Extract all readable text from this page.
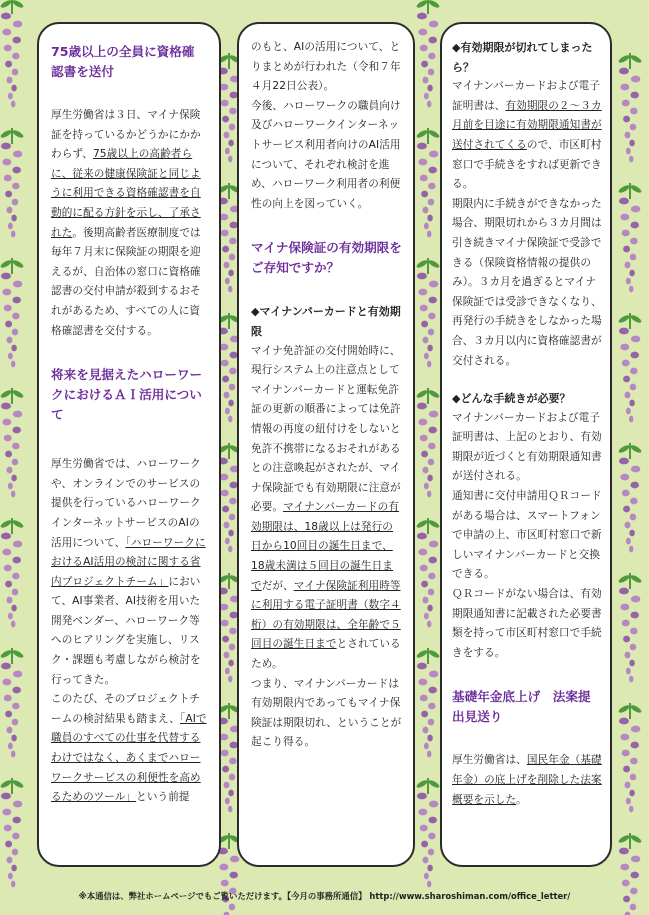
75歳以上の全員に資格確認書を送付

厚生労働省は３日、マイナ保険証を持っているかどうかにかかわらず、75歳以上の高齢者らに、従来の健康保険証と同じように利用できる資格確認書を自動的に配る方針を示し、了承された。後期高齢者医療制度では毎年７月末に保険証の期限を迎えるが、自治体の窓口に資格確認書の交付申請が殺到するおそれがあるため、すべての人に資格確認書を交付する。

将来を見据えたハローワークにおけるＡＩ活用について

厚生労働省では、ハローワークや、オンラインでのサービスの提供を行っているハローワークインターネットサービスのAIの活用について、「ハローワークにおけるAI活用の検討に関する省内プロジェクトチーム」において、AI事業者、AI技術を用いた開発ベンダー、ハローワーク等へのヒアリングを実施し、リスク・課題も考慮しながら検討を行ってきた。

このたび、そのプロジェクトチームの検討結果も踏まえ、「AIで職員のすべての仕事を代替するわけではなく、あくまでハローワークサービスの利便性を高めるためのツール」という前提

のもと、AIの活用について、とりまとめが行われた（令和７年４月22日公表）。

今後、ハローワークの職員向け及びハローワークインターネットサービス利用者向けのAI活用について、それぞれ検討を進め、ハローワーク利用者の利便性の向上を図っていく。

マイナ保険証の有効期限をご存知ですか？

◆マイナンバーカードと有効期限

マイナ免許証の交付開始時に、現行システム上の注意点としてマイナンバーカードと運転免許証の更新の順番によっては免許情報の再度の紐付けをしないと免許不携帯になるおそれがあるとの注意喚起がされたが、マイナ保険証でも有効期限に注意が必要。マイナンバーカードの有効期限は、18歳以上は発行の日から10回目の誕生日まで、18歳未満は５回目の誕生日までだが、マイナ保険証利用時等に利用する電子証明書（数字４桁）の有効期限は、全年齢で５回目の誕生日までとされているため。

つまり、マイナンバーカードは有効期限内であってもマイナ保険証は期限切れ、ということが起こり得る。

◆有効期限が切れてしまったら？

マイナンバーカードおよび電子証明書は、有効期限の２～３カ月前を目途に有効期限通知書が送付されてくるので、市区町村窓口で手続きをすれば更新できる。

期限内に手続きができなかった場合、期限切れから３カ月間は引き続きマイナ保険証で受診できる（保険資格情報の提供のみ）。３カ月を過ぎるとマイナ保険証では受診できなくなり、再発行の手続きをしなかった場合、３カ月以内に資格確認書が交付される。

◆どんな手続きが必要？

マイナンバーカードおよび電子証明書は、上記のとおり、有効期限が近づくと有効期限通知書が送付される。

通知書に交付申請用ＱＲコードがある場合は、スマートフォンで申請の上、市区町村窓口で新しいマイナンバーカードと交換できる。

ＱＲコードがない場合は、有効期限通知書に記載された必要書類を持って市区町村窓口で手続きをする。

基礎年金底上げ　法案提出見送り

厚生労働省は、国民年金（基礎年金）の底上げを削除した法案概要を示した。

※本通信は、弊社ホームページでもご覧いただけます。【今月の事務所通信】 http://www.sharoshiman.com/office_letter/
